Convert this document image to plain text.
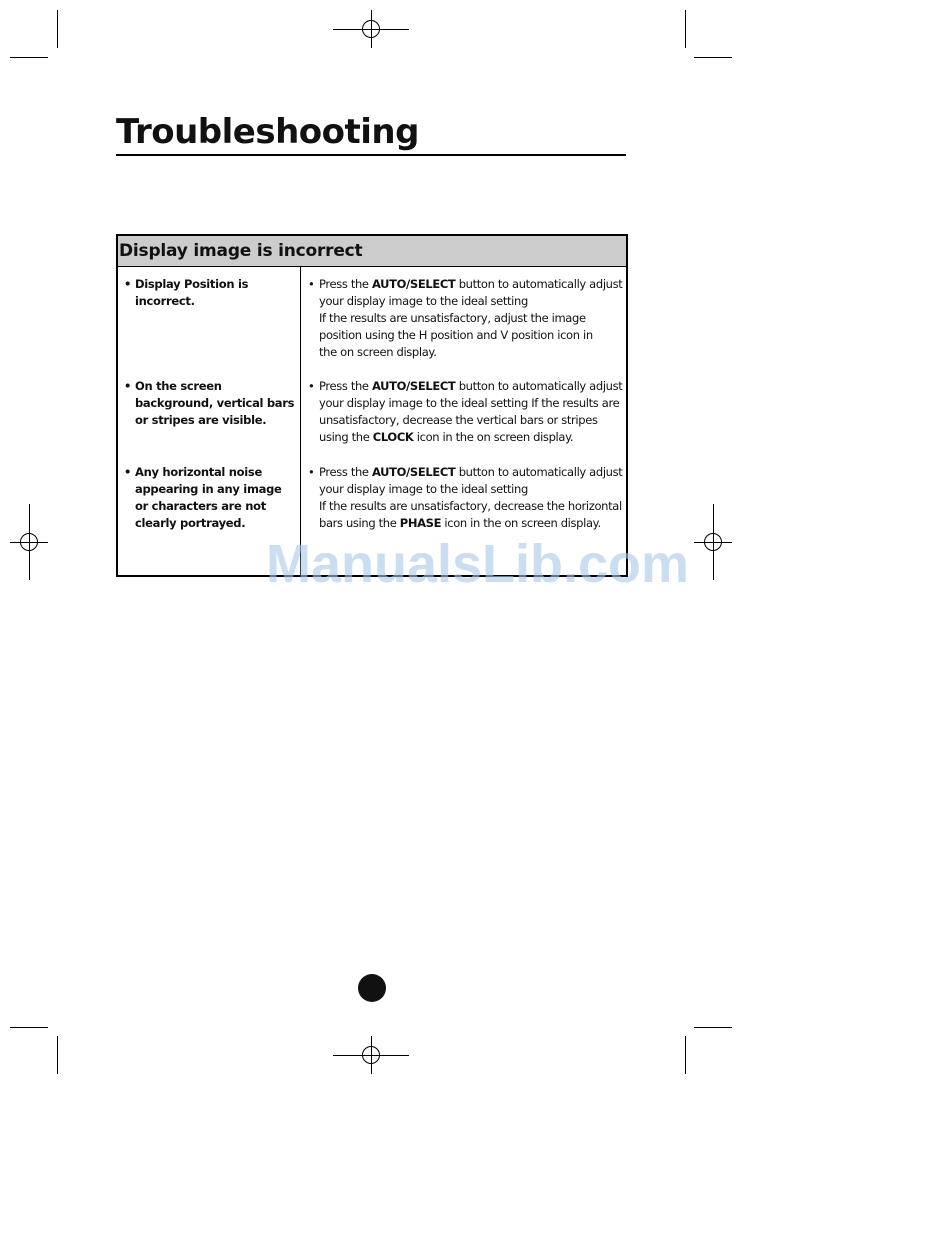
Troubleshooting
Display image is incorrect
• Display Position is incorrect.
• Press the AUTO/SELECT button to automatically adjust
your display image to the ideal setting
If the results are unsatisfactory, adjust the image
position using the H position and V position icon in
the on screen display.
• On the screen background, vertical bars or stripes are visible.
• Press the AUTO/SELECT button to automatically adjust
your display image to the ideal setting If the results are
unsatisfactory, decrease the vertical bars or stripes
using the CLOCK icon in the on screen display.
• Any horizontal noise appearing in any image or characters are not clearly portrayed.
• Press the AUTO/SELECT button to automatically adjust
your display image to the ideal setting
If the results are unsatisfactory, decrease the horizontal
bars using the PHASE icon in the on screen display.
ManualsLib.com
